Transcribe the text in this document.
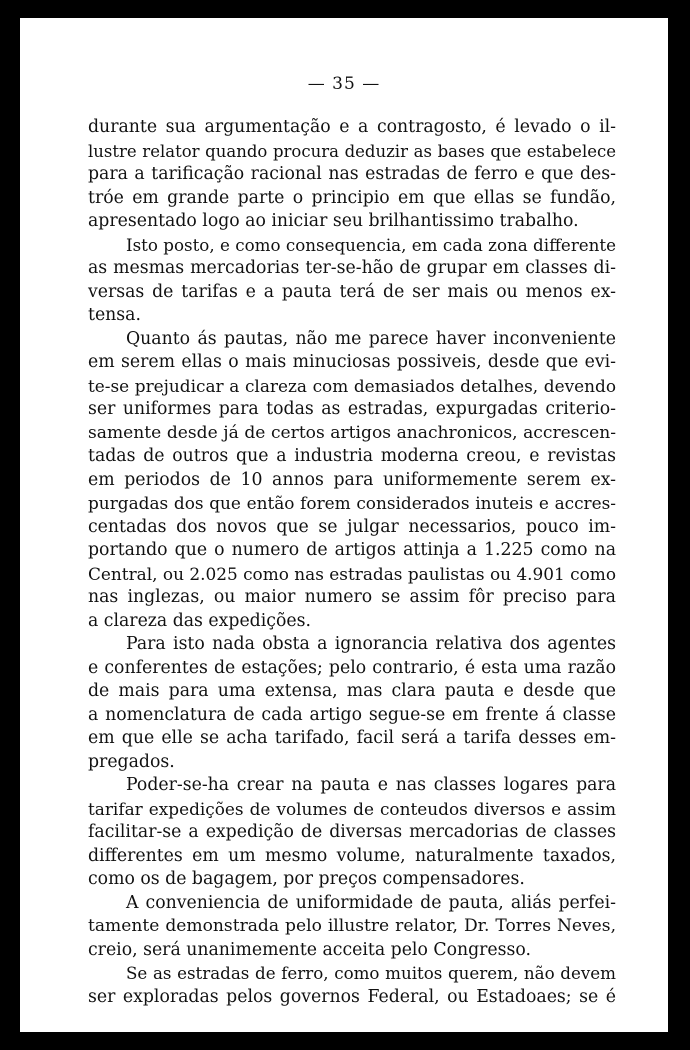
— 35 —
durante sua argumentação e a contragosto, é levado o il-
lustre relator quando procura deduzir as bases que estabelece
para a tarificação racional nas estradas de ferro e que des-
tróe em grande parte o principio em que ellas se fundão,
apresentado logo ao iniciar seu brilhantissimo trabalho.
Isto posto, e como consequencia, em cada zona differente
as mesmas mercadorias ter-se-hão de grupar em classes di-
versas de tarifas e a pauta terá de ser mais ou menos ex-
tensa.
Quanto ás pautas, não me parece haver inconveniente
em serem ellas o mais minuciosas possiveis, desde que evi-
te-se prejudicar a clareza com demasiados detalhes, devendo
ser uniformes para todas as estradas, expurgadas criterio-
samente desde já de certos artigos anachronicos, accrescen-
tadas de outros que a industria moderna creou, e revistas
em periodos de 10 annos para uniformemente serem ex-
purgadas dos que então forem considerados inuteis e accres-
centadas dos novos que se julgar necessarios, pouco im-
portando que o numero de artigos attinja a 1.225 como na
Central, ou 2.025 como nas estradas paulistas ou 4.901 como
nas inglezas, ou maior numero se assim fôr preciso para
a clareza das expedições.
Para isto nada obsta a ignorancia relativa dos agentes
e conferentes de estações; pelo contrario, é esta uma razão
de mais para uma extensa, mas clara pauta e desde que
a nomenclatura de cada artigo segue-se em frente á classe
em que elle se acha tarifado, facil será a tarifa desses em-
pregados.
Poder-se-ha crear na pauta e nas classes logares para
tarifar expedições de volumes de conteudos diversos e assim
facilitar-se a expedição de diversas mercadorias de classes
differentes em um mesmo volume, naturalmente taxados,
como os de bagagem, por preços compensadores.
A conveniencia de uniformidade de pauta, aliás perfei-
tamente demonstrada pelo illustre relator, Dr. Torres Neves,
creio, será unanimemente acceita pelo Congresso.
Se as estradas de ferro, como muitos querem, não devem
ser exploradas pelos governos Federal, ou Estadoaes; se é
